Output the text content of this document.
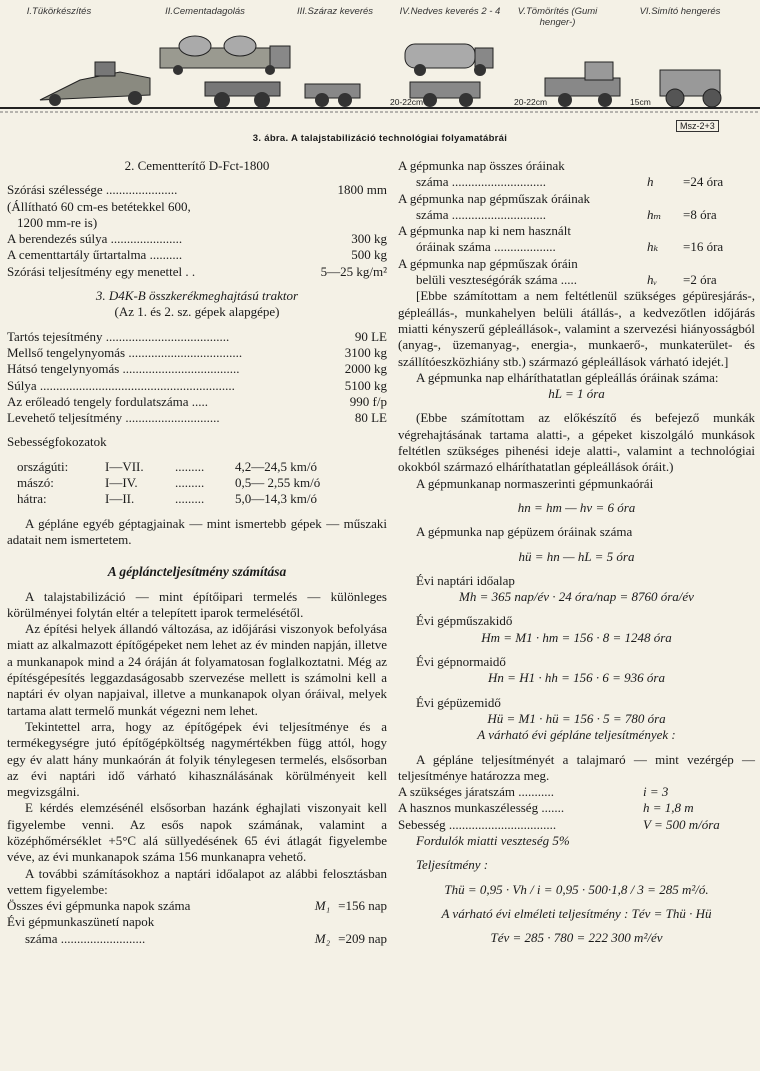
I.Tükörkészítés	II.Cementadagolás	III.Száraz keverés	IV.Nedves keverés 2 - 4	V.Tömörítés (Gumi henger-)
VI.Simító hengerés
20-22cm	20-22cm	15cm
Msz-2+3
3. ábra. A talajstabilizáció technológiai folyamatábrái

2. Cementterítő D-Fct-1800

Szórási szélessége ......................	1800 mm
(Állítható 60 cm-es betétekkel 600,
1200 mm-re is)
A berendezés súlya ......................	300 kg
A cementtartály űrtartalma ..........	500 kg
Szórási teljesítmény egy menettel . .	5—25 kg/m²

3. D4K-B összkerékmeghajtású traktor

(Az 1. és 2. sz. gépek alapgépe)

Tartós tejesítmény ......................................	90 LE
Mellső tengelynyomás ...................................	3100 kg
Hátsó tengelynyomás ....................................	2000 kg
Súlya ............................................................	5100 kg
Az erőleadó tengely fordulatszáma .....	990 f/p
Levehető teljesítmény .............................	80 LE

Sebességfokozatok

országúti:	I—VII. ......... 4,2—24,5 km/ó
mászó:	I—IV.	......... 0,5— 2,55 km/ó
hátra:	I—II.	......... 5,0—14,3 km/ó

A gépláne egyéb géptagjainak — mint ismertebb gépek — műszaki adatait nem ismertetem.

A gépláncteljesítmény számítása

A talajstabilizáció — mint építőipari termelés — különleges körülményei folytán eltér a telepített iparok termelésétől.

Az építési helyek állandó változása, az időjárási viszonyok befolyása miatt az alkalmazott építőgépeket nem lehet az év minden napján, illetve a munkanapok mind a 24 óráján át folyamatosan foglalkoztatni. Még az építésgépesítés leggazdaságosabb szervezése mellett is számolni kell a naptári év olyan napjaival, illetve a munkanapok olyan óráival, melyek tartama alatt termelő munkát végezni nem lehet.

Tekintettel arra, hogy az építőgépek évi teljesítménye és a termékegységre jutó építőgépköltség nagymértékben függ attól, hogy egy év alatt hány munkaórán át folyik ténylegesen termelés, elsősorban az évi naptári idő várható kihasználásának körülményeit kell megvizsgálni.

E kérdés elemzésénél elsősorban hazánk éghajlati viszonyait kell figyelembe venni. Az esős napok számának, valamint a középhőmérséklet +5°C alá süllyedésének 65 évi átlagát figyelembe véve, az évi munkanapok száma 156 munkanapra vehető.

A további számításokhoz a naptári időalapot az alábbi felosztásban vettem figyelembe:

Összes évi gépmunka napok száma	M₁ =156 nap

Évi gépmunkaszünetí napok

száma ..........................	M₂ =209 nap

A gépmunka nap összes óráinak

száma .............................	h	=24 óra

A gépmunka nap gépműszak óráinak

száma .............................	hₘ	=8 óra

A gépmunka nap ki nem használt

óráinak száma ...................	hₖ	=16 óra

A gépmunka nap gépműszak óráin

belüli veszteségórák száma .....	hᵥ	=2 óra

[Ebbe számítottam a nem feltétlenül szükséges gépüresjárás-, gépleállás-, munkahelyen belüli átállás-, a kedvezőtlen időjárás miatti kényszerű gépleállások-, valamint a szervezési hiányosságból (anyag-, üzemanyag-, energia-, munkaerő-, munkaterület- és szállítóeszközhiány stb.) származó gépleállások várható idejét.]

A gépmunka nap elháríthatatlan gépleállás óráinak száma:

hL = 1 óra

(Ebbe számítottam az előkészítő és befejező munkák végrehajtásának tartama alatti-, a gépeket kiszolgáló munkások feltétlen szükséges pihenési ideje alatti-, valamint a technológiai okokból származó elháríthatatlan gépleállások óráit.)

A gépmunkanap normaszerinti gépmunkaórái

hn = hm — hv = 6 óra

A gépmunka nap gépüzem óráinak száma

hü = hn — hL = 5 óra

Évi naptári időalap

Mh = 365 nap/év · 24 óra/nap = 8760 óra/év

Évi gépműszakidő

Hm = M1 · hm = 156 · 8 = 1248 óra

Évi gépnormaidő

Hn = H1 · hh = 156 · 6 = 936 óra

Évi gépüzemidő

Hü = M1 · hü = 156 · 5 = 780 óra

A várható évi gépláne teljesítmények :

A gépláne teljesítményét a talajmaró — mint vezérgép — teljesítménye határozza meg.

A szükséges járatszám ...........	i = 3
A hasznos munkaszélesség .......	h = 1,8 m
Sebesség .................................	V = 500 m/óra

Fordulók miatti veszteség 5%

Teljesítmény :

Thü = 0,95 · Vh / i = 0,95 · 500·1,8 / 3 = 285 m²/ó.

A várható évi elméleti teljesítmény : Tév = Thü · Hü

Tév = 285 · 780 = 222 300 m²/év
